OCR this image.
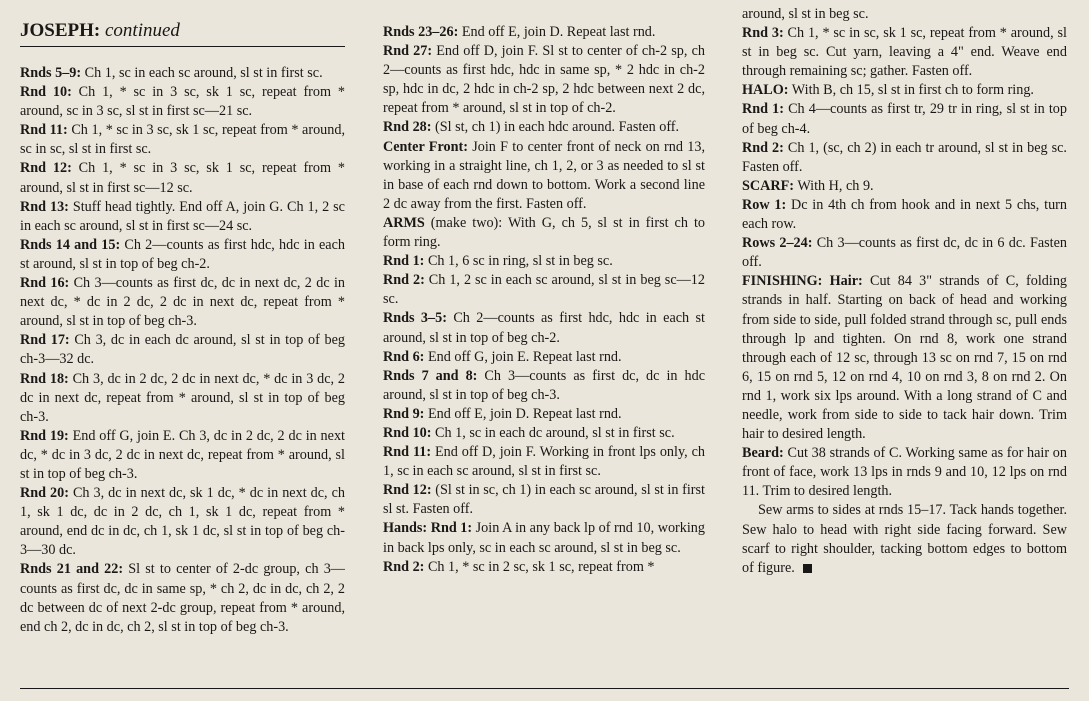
JOSEPH: continued

Rnds 5–9: Ch 1, sc in each sc around, sl st in first sc.

Rnd 10: Ch 1, * sc in 3 sc, sk 1 sc, repeat from * around, sc in 3 sc, sl st in first sc—21 sc.

Rnd 11: Ch 1, * sc in 3 sc, sk 1 sc, repeat from * around, sc in sc, sl st in first sc.

Rnd 12: Ch 1, * sc in 3 sc, sk 1 sc, repeat from * around, sl st in first sc—12 sc.

Rnd 13: Stuff head tightly. End off A, join G. Ch 1, 2 sc in each sc around, sl st in first sc—24 sc.

Rnds 14 and 15: Ch 2—counts as first hdc, hdc in each st around, sl st in top of beg ch-2.

Rnd 16: Ch 3—counts as first dc, dc in next dc, 2 dc in next dc, * dc in 2 dc, 2 dc in next dc, repeat from * around, sl st in top of beg ch-3.

Rnd 17: Ch 3, dc in each dc around, sl st in top of beg ch-3—32 dc.

Rnd 18: Ch 3, dc in 2 dc, 2 dc in next dc, * dc in 3 dc, 2 dc in next dc, repeat from * around, sl st in top of beg ch-3.

Rnd 19: End off G, join E. Ch 3, dc in 2 dc, 2 dc in next dc, * dc in 3 dc, 2 dc in next dc, repeat from * around, sl st in top of beg ch-3.

Rnd 20: Ch 3, dc in next dc, sk 1 dc, * dc in next dc, ch 1, sk 1 dc, dc in 2 dc, ch 1, sk 1 dc, repeat from * around, end dc in dc, ch 1, sk 1 dc, sl st in top of beg ch-3—30 dc.

Rnds 21 and 22: Sl st to center of 2-dc group, ch 3—counts as first dc, dc in same sp, * ch 2, dc in dc, ch 2, 2 dc between dc of next 2-dc group, repeat from * around, end ch 2, dc in dc, ch 2, sl st in top of beg ch-3.

Rnds 23–26: End off E, join D. Repeat last rnd.

Rnd 27: End off D, join F. Sl st to center of ch-2 sp, ch 2—counts as first hdc, hdc in same sp, * 2 hdc in ch-2 sp, hdc in dc, 2 hdc in ch-2 sp, 2 hdc between next 2 dc, repeat from * around, sl st in top of ch-2.

Rnd 28: (Sl st, ch 1) in each hdc around. Fasten off.

Center Front: Join F to center front of neck on rnd 13, working in a straight line, ch 1, 2, or 3 as needed to sl st in base of each rnd down to bottom. Work a second line 2 dc away from the first. Fasten off.

ARMS (make two): With G, ch 5, sl st in first ch to form ring.

Rnd 1: Ch 1, 6 sc in ring, sl st in beg sc.

Rnd 2: Ch 1, 2 sc in each sc around, sl st in beg sc—12 sc.

Rnds 3–5: Ch 2—counts as first hdc, hdc in each st around, sl st in top of beg ch-2.

Rnd 6: End off G, join E. Repeat last rnd.

Rnds 7 and 8: Ch 3—counts as first dc, dc in hdc around, sl st in top of beg ch-3.

Rnd 9: End off E, join D. Repeat last rnd.

Rnd 10: Ch 1, sc in each dc around, sl st in first sc.

Rnd 11: End off D, join F. Working in front lps only, ch 1, sc in each sc around, sl st in first sc.

Rnd 12: (Sl st in sc, ch 1) in each sc around, sl st in first sl st. Fasten off.

Hands: Rnd 1: Join A in any back lp of rnd 10, working in back lps only, sc in each sc around, sl st in beg sc.

Rnd 2: Ch 1, * sc in 2 sc, sk 1 sc, repeat from *

around, sl st in beg sc.

Rnd 3: Ch 1, * sc in sc, sk 1 sc, repeat from * around, sl st in beg sc. Cut yarn, leaving a 4" end. Weave end through remaining sc; gather. Fasten off.

HALO: With B, ch 15, sl st in first ch to form ring.

Rnd 1: Ch 4—counts as first tr, 29 tr in ring, sl st in top of beg ch-4.

Rnd 2: Ch 1, (sc, ch 2) in each tr around, sl st in beg sc. Fasten off.

SCARF: With H, ch 9.

Row 1: Dc in 4th ch from hook and in next 5 chs, turn each row.

Rows 2–24: Ch 3—counts as first dc, dc in 6 dc. Fasten off.

FINISHING: Hair: Cut 84 3" strands of C, folding strands in half. Starting on back of head and working from side to side, pull folded strand through sc, pull ends through lp and tighten. On rnd 8, work one strand through each of 12 sc, through 13 sc on rnd 7, 15 on rnd 6, 15 on rnd 5, 12 on rnd 4, 10 on rnd 3, 8 on rnd 2. On rnd 1, work six lps around. With a long strand of C and needle, work from side to side to tack hair down. Trim hair to desired length.

Beard: Cut 38 strands of C. Working same as for hair on front of face, work 13 lps in rnds 9 and 10, 12 lps on rnd 11. Trim to desired length.

Sew arms to sides at rnds 15–17. Tack hands together. Sew halo to head with right side facing forward. Sew scarf to right shoulder, tacking bottom edges to bottom of figure.
